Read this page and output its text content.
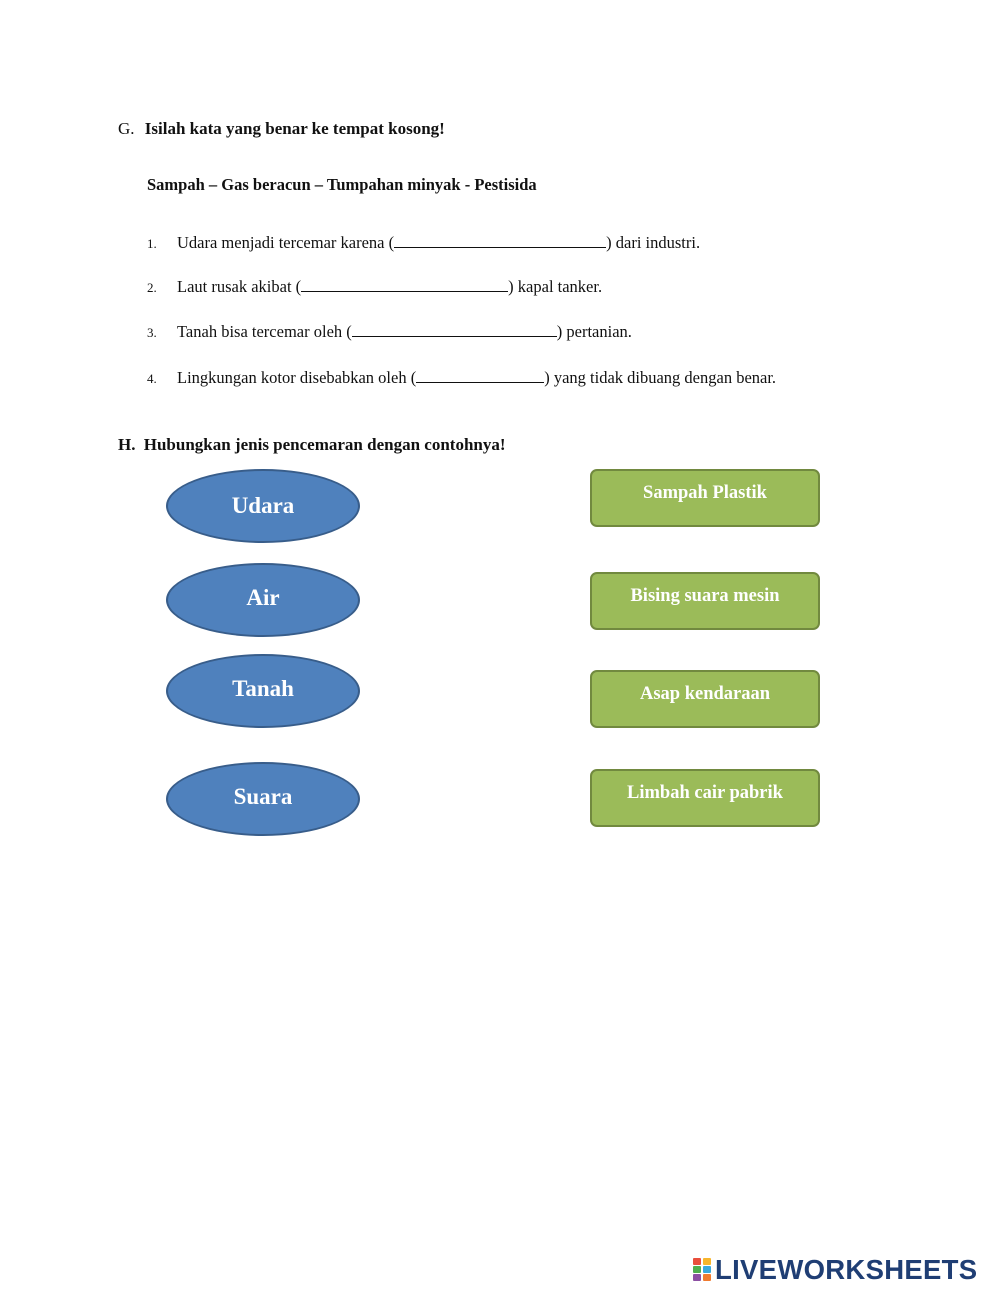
G. Isilah kata yang benar ke tempat kosong!
Sampah – Gas beracun – Tumpahan minyak - Pestisida
1. Udara menjadi tercemar karena (	) dari industri.
2. Laut rusak akibat (	) kapal tanker.
3. Tanah bisa tercemar oleh (	) pertanian.
4. Lingkungan kotor disebabkan oleh (	) yang tidak dibuang dengan benar.
H. Hubungkan jenis pencemaran dengan contohnya!
Udara
Air
Tanah
Suara
Sampah Plastik
Bising suara mesin
Asap kendaraan
Limbah cair pabrik
LIVEWORKSHEETS
